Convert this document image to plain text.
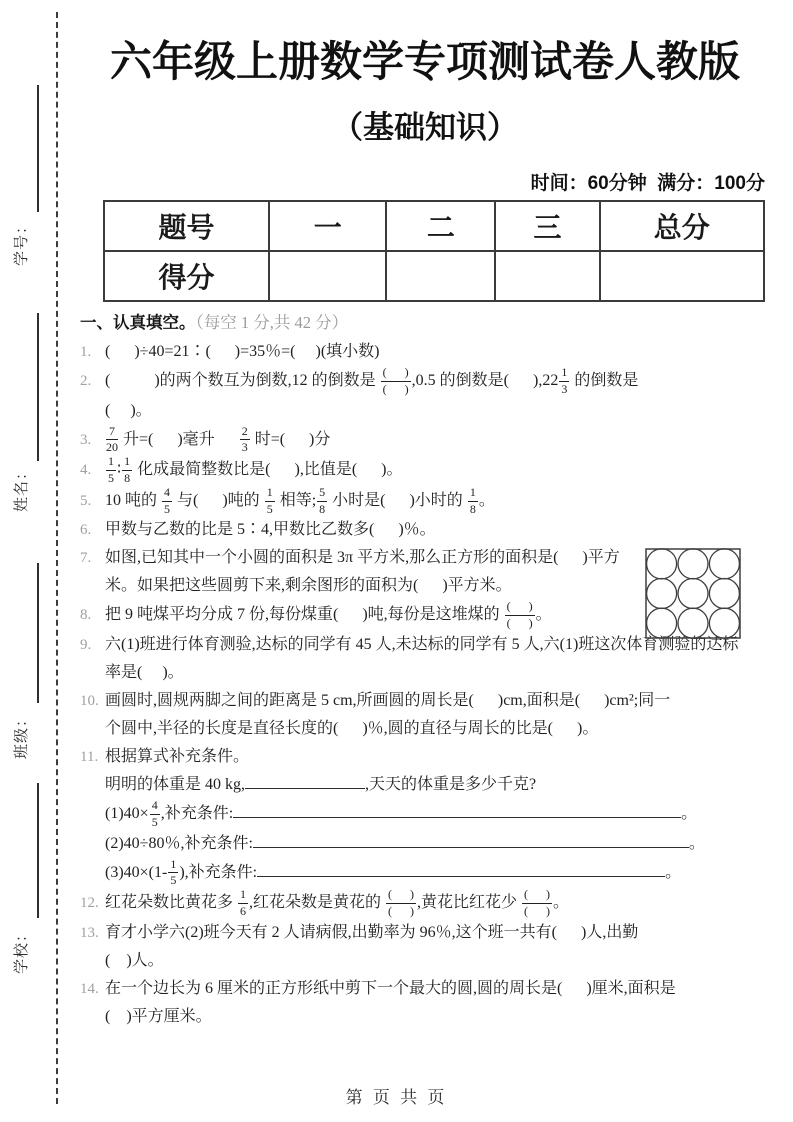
学号：
姓名：
班级：
学校：
六年级上册数学专项测试卷人教版
（基础知识）
时间：60分钟  满分：100分
题号	一	二	三	总分
得分				
一、认真填空。（每空 1 分,共 42 分）
1. (      )÷40=21∶(      )=35％=(     )(填小数)
2. (           )的两个数互为倒数,12 的倒数是 $\frac{( )}{( )} ,0.5$ 的倒数是(      )$,22 \frac{1}{3}$ 的倒数是
(     )。
3. $\frac{7}{20}$ 升=(      )毫升 $\frac{2}{3}$ 时=(      )分
4. $\frac{1}{5}$ ∶ $\frac{1}{8}$ 化成最简整数比是(      ),比值是(      )。
5. 10 吨的 $\frac{4}{5}$ 与(      )吨的 $\frac{1}{5}$ 相等; $\frac{5}{8}$ 小时是(      )小时的 $\frac{1}{8}$ 。
6. 甲数与乙数的比是 5∶4,甲数比乙数多(      )％。
7. 如图,已知其中一个小圆的面积是 3π 平方米,那么正方形的面积是(      )平方
米。如果把这些圆剪下来,剩余图形的面积为(      )平方米。
8. 把 9 吨煤平均分成 7 份,每份煤重(      )吨,每份是这堆煤的 $\frac{( )}{( )}$ 。
9. 六(1)班进行体育测验,达标的同学有 45 人,未达标的同学有 5 人,六(1)班这次体育测验的达标
率是(     )。
10. 画圆时,圆规两脚之间的距离是 5 cm,所画圆的周长是(      )cm,面积是(      )cm²;同一
个圆中,半径的长度是直径长度的(      )％,圆的直径与周长的比是(      )。
11. 根据算式补充条件。
明明的体重是 40 kg,	,天天的体重是多少千克?
$(1)40\times \frac{4}{5}$ ,补充条件:	。
(2)40÷80％,补充条件:	。
$(3)40\times(1- \frac{1}{5}$ ),补充条件:	。
12. 红花朵数比黄花多 $\frac{1}{6}$ ,红花朵数是黄花的 $\frac{( )}{( )}$ ,黄花比红花少 $\frac{( )}{( )}$ 。
13. 育才小学六(2)班今天有 2 人请病假,出勤率为 96％,这个班一共有(      )人,出勤
(    )人。
14. 在一个边长为 6 厘米的正方形纸中剪下一个最大的圆,圆的周长是(      )厘米,面积是
(    )平方厘米。
第 页 共 页
